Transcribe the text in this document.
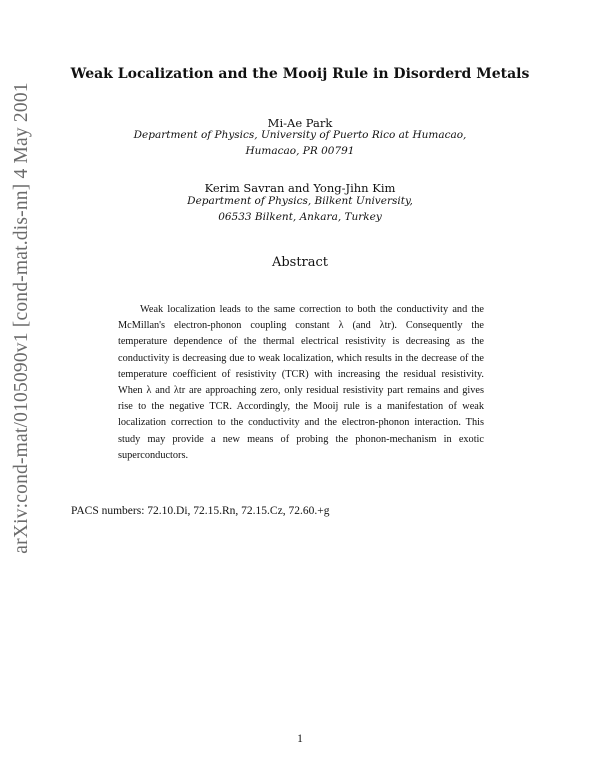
arXiv:cond-mat/0105090v1 [cond-mat.dis-nn] 4 May 2001
Weak Localization and the Mooij Rule in Disorderd Metals
Mi-Ae Park
Department of Physics, University of Puerto Rico at Humacao,
Humacao, PR 00791
Kerim Savran and Yong-Jihn Kim
Department of Physics, Bilkent University,
06533 Bilkent, Ankara, Turkey
Abstract
Weak localization leads to the same correction to both the conductivity and the McMillan's electron-phonon coupling constant λ (and λtr). Consequently the temperature dependence of the thermal electrical resistivity is decreasing as the conductivity is decreasing due to weak localization, which results in the decrease of the temperature coefficient of resistivity (TCR) with increasing the residual resistivity. When λ and λtr are approaching zero, only residual resistivity part remains and gives rise to the negative TCR. Accordingly, the Mooij rule is a manifestation of weak localization correction to the conductivity and the electron-phonon interaction. This study may provide a new means of probing the phonon-mechanism in exotic superconductors.
PACS numbers: 72.10.Di, 72.15.Rn, 72.15.Cz, 72.60.+g
1
